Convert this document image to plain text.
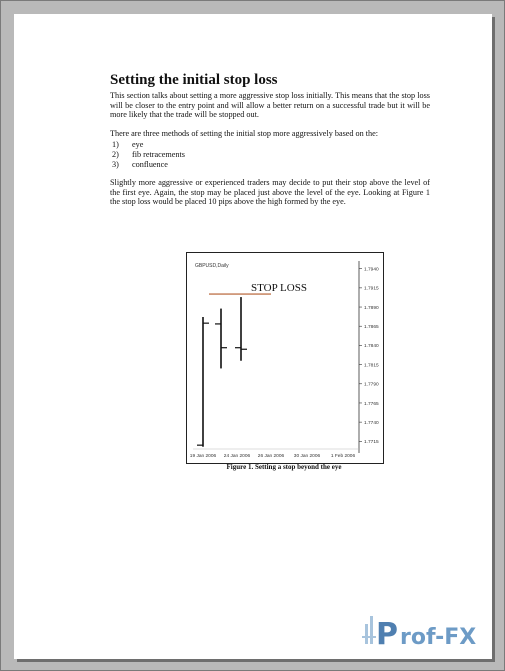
Setting the initial stop loss

This section talks about setting a more aggressive stop loss initially. This means that the stop loss will be closer to the entry point and will allow a better return on a successful trade but it will be more likely that the trade will be stopped out.

There are three methods of setting the initial stop more aggressively based on the:

1) eye
2) fib retracements
3) confluence

Slightly more aggressive or experienced traders may decide to put their stop above the level of the first eye. Again, the stop may be placed just above the level of the eye. Looking at Figure 1 the stop loss would be placed 10 pips above the high formed by the eye.

GBPUSD,Daily
STOP LOSS
1.7940
1.7915
1.7890
1.7865
1.7840
1.7815
1.7790
1.7765
1.7740
1.7715
19 Jan 2006 24 Jan 2006 26 Jan 2006 30 Jan 2006 1 Feb 2006
Figure 1. Setting a stop beyond the eye
P rof-FX
